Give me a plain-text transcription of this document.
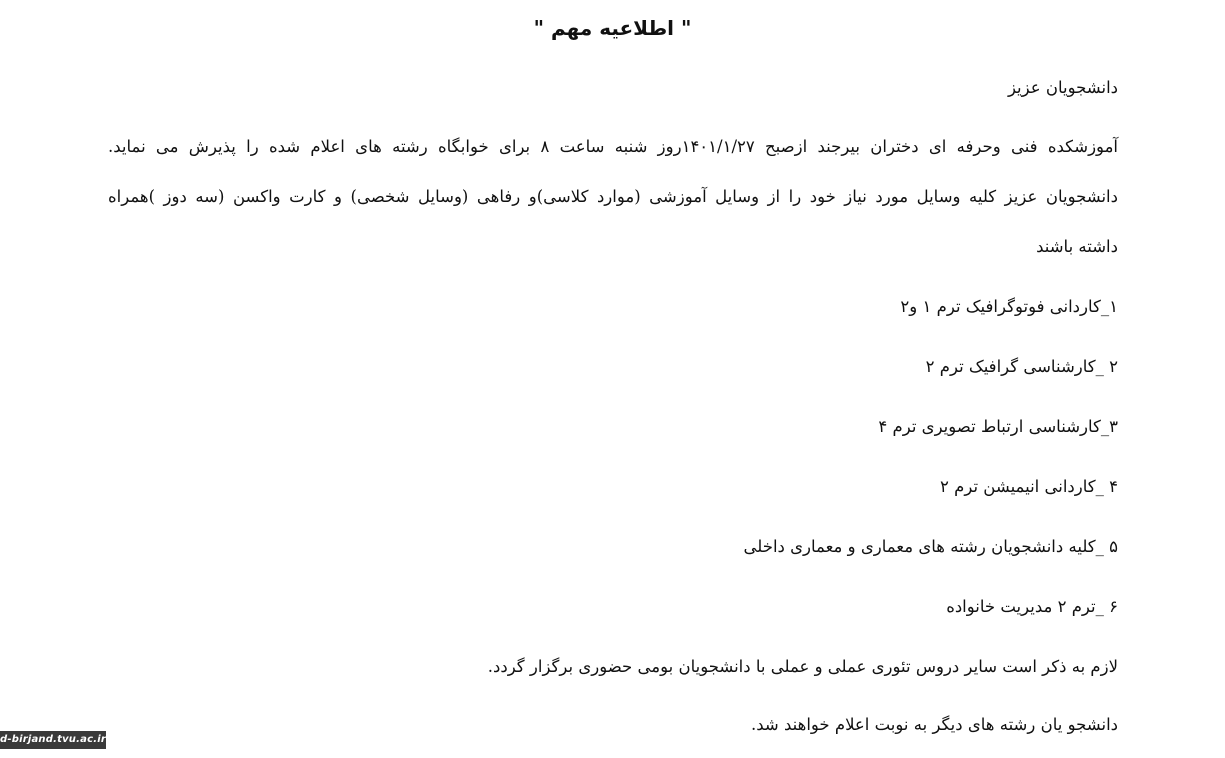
" اطلاعیه مهم "
دانشجویان عزیز
آموزشکده فنی وحرفه ای دختران بیرجند ازصبح ۱۴۰۱/۱/۲۷روز شنبه ساعت ۸ برای خوابگاه رشته های اعلام شده را پذیرش می نماید.
دانشجویان عزیز کلیه وسایل مورد نیاز خود را از وسایل آموزشی (موارد کلاسی)و رفاهی (وسایل شخصی) و کارت واکسن (سه دوز )همراه
داشته باشند
۱_کاردانی فوتوگرافیک ترم ۱ و۲
۲ _کارشناسی گرافیک ترم ۲
۳_کارشناسی ارتباط تصویری ترم ۴
۴ _کاردانی انیمیشن ترم ۲
۵ _کلیه دانشجویان رشته های معماری و معماری داخلی
۶ _ترم ۲ مدیریت خانواده
لازم به ذکر است سایر دروس تئوری عملی و عملی با دانشجویان بومی حضوری برگزار گردد.
دانشجو یان رشته های دیگر به نوبت اعلام خواهند شد.
d-birjand.tvu.ac.ir
